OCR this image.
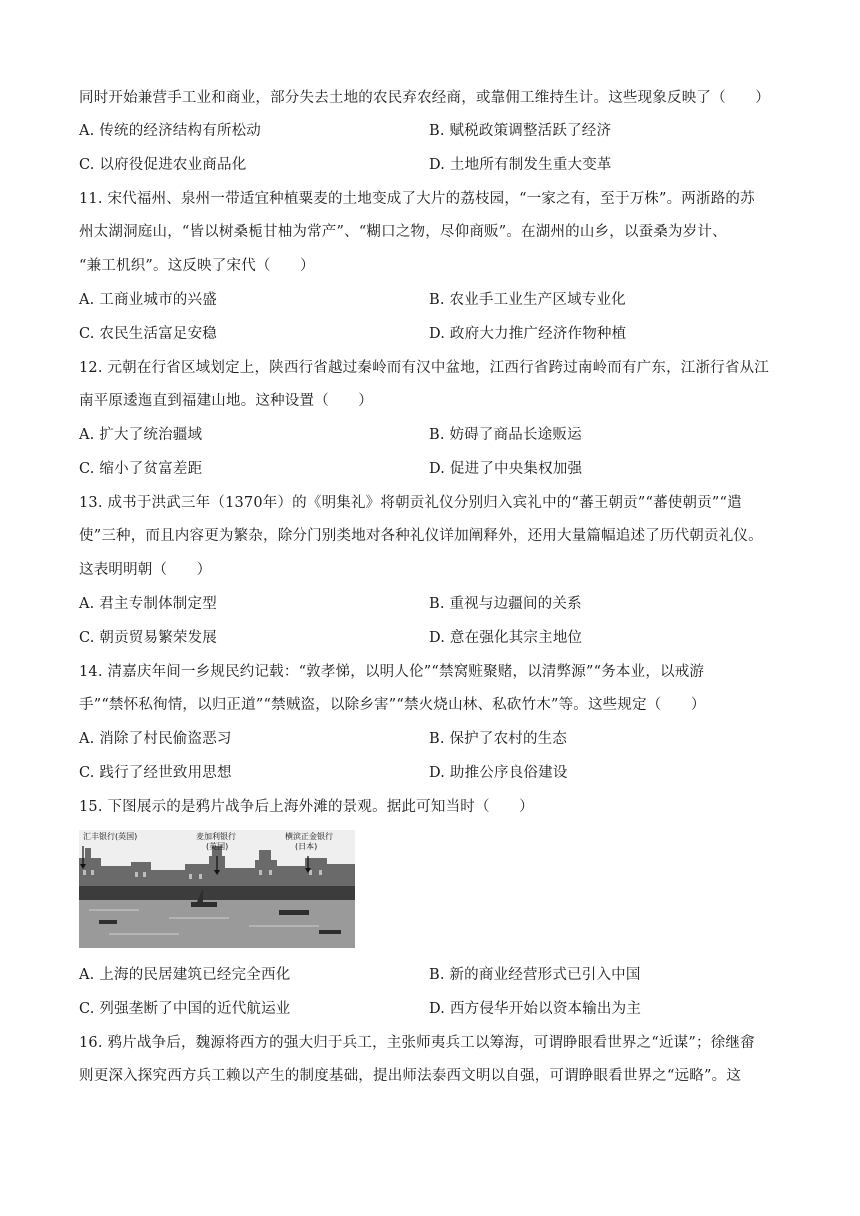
同时开始兼营手工业和商业，部分失去土地的农民弃农经商，或靠佣工维持生计。这些现象反映了（　　）
A. 传统的经济结构有所松动	B. 赋税政策调整活跃了经济
C. 以府役促进农业商品化	D. 土地所有制发生重大变革
11. 宋代福州、泉州一带适宜种植粟麦的土地变成了大片的荔枝园，“一家之有，至于万株”。两浙路的苏
州太湖洞庭山，“皆以树桑栀甘柚为常产”、“糊口之物，尽仰商贩”。在湖州的山乡，以蚕桑为岁计、
“兼工机织”。这反映了宋代（　　）
A. 工商业城市的兴盛	B. 农业手工业生产区域专业化
C. 农民生活富足安稳	D. 政府大力推广经济作物种植
12. 元朝在行省区域划定上，陕西行省越过秦岭而有汉中盆地，江西行省跨过南岭而有广东，江浙行省从江
南平原逶迤直到福建山地。这种设置（　　）
A. 扩大了统治疆域	B. 妨碍了商品长途贩运
C. 缩小了贫富差距	D. 促进了中央集权加强
13. 成书于洪武三年（1370年）的《明集礼》将朝贡礼仪分别归入宾礼中的“蕃王朝贡”“蕃使朝贡”“遣
使”三种，而且内容更为繁杂，除分门别类地对各种礼仪详加阐释外，还用大量篇幅追述了历代朝贡礼仪。
这表明明朝（　　）
A. 君主专制体制定型	B. 重视与边疆间的关系
C. 朝贡贸易繁荣发展	D. 意在强化其宗主地位
14. 清嘉庆年间一乡规民约记载：“敦孝悌，以明人伦”“禁窝赃聚赌，以清弊源”“务本业，以戒游
手”“禁怀私徇情，以归正道”“禁贼盗，以除乡害”“禁火烧山林、私砍竹木”等。这些规定（　　）
A. 消除了村民偷盗恶习	B. 保护了农村的生态
C. 践行了经世致用思想	D. 助推公序良俗建设
15. 下图展示的是鸦片战争后上海外滩的景观。据此可知当时（　　）
汇丰银行(英国)	麦加利银行
(英国)
横滨正金银行
(日本)
A. 上海的民居建筑已经完全西化	B. 新的商业经营形式已引入中国
C. 列强垄断了中国的近代航运业	D. 西方侵华开始以资本输出为主
16. 鸦片战争后，魏源将西方的强大归于兵工，主张师夷兵工以筹海，可谓睁眼看世界之“近谋”；徐继畲
则更深入探究西方兵工赖以产生的制度基础，提出师法泰西文明以自强，可谓睁眼看世界之“远略”。这
